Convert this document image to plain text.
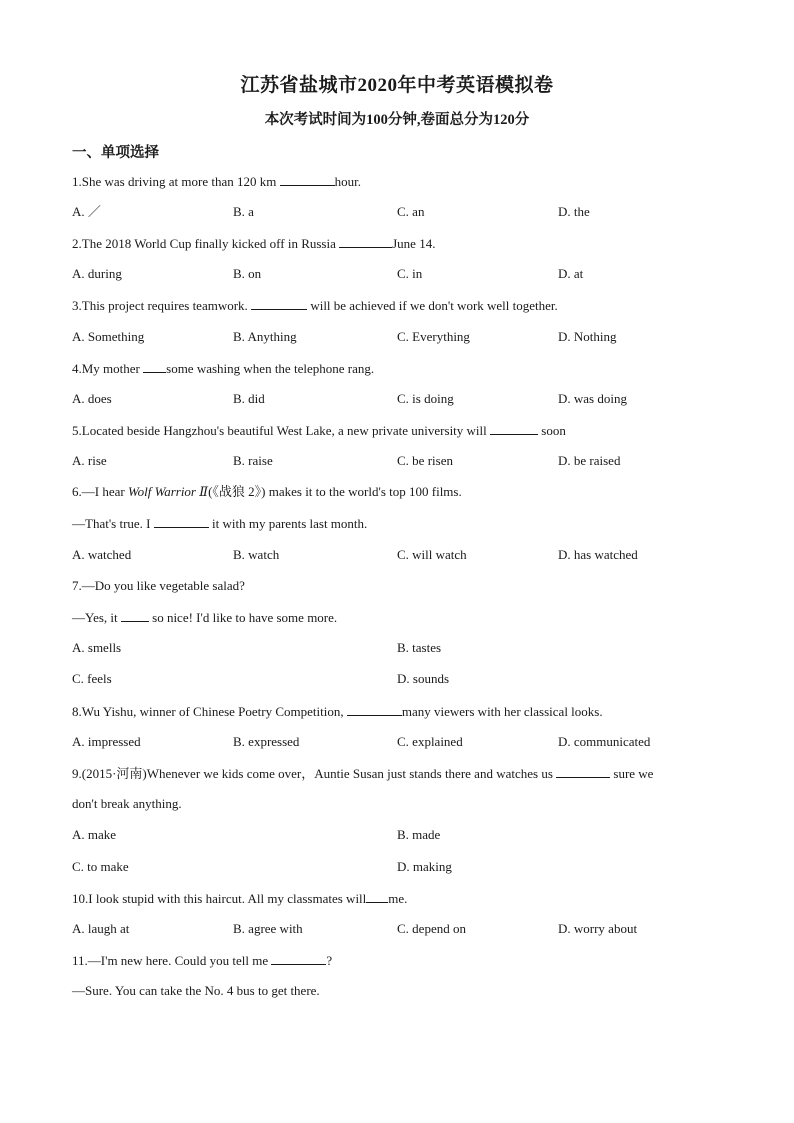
江苏省盐城市2020年中考英语模拟卷
本次考试时间为100分钟,卷面总分为120分
一、单项选择
1.She was driving at more than 120 km	hour.
A. ／	B. a	C. an	D. the
2.The 2018 World Cup finally kicked off in Russia	June 14.
A. during	B. on	C. in	D. at
3.This project requires teamwork.	will be achieved if we don't work well together.
A. Something	B. Anything	C. Everything	D. Nothing
4.My mother some washing when the telephone rang.
A. does	B. did	C. is doing	D. was doing
5.Located beside Hangzhou's beautiful West Lake, a new private university will	soon
A. rise	B. raise	C. be risen	D. be raised
6.—I hear Wolf Warrior Ⅱ(《战狼 2》) makes it to the world's top 100 films.
—That's true. I	it with my parents last month.
A. watched	B. watch	C. will watch	D. has watched
7.—Do you like vegetable salad?
—Yes, it  so nice! I'd like to have some more.
A. smells	B. tastes
C. feels	D. sounds
8.Wu Yishu, winner of Chinese Poetry Competition,	many viewers with her classical looks.
A. impressed	B. expressed	C. explained	D. communicated
9.(2015·河南)Whenever we kids come over，Auntie Susan just stands there and watches us	sure we
don't break anything.
A. make	B. made
C. to make	D. making
10.I look stupid with this haircut. All my classmates will me.
A. laugh at	B. agree with	C. depend on	D. worry about
11.—I'm new here. Could you tell me	?
—Sure. You can take the No. 4 bus to get there.
